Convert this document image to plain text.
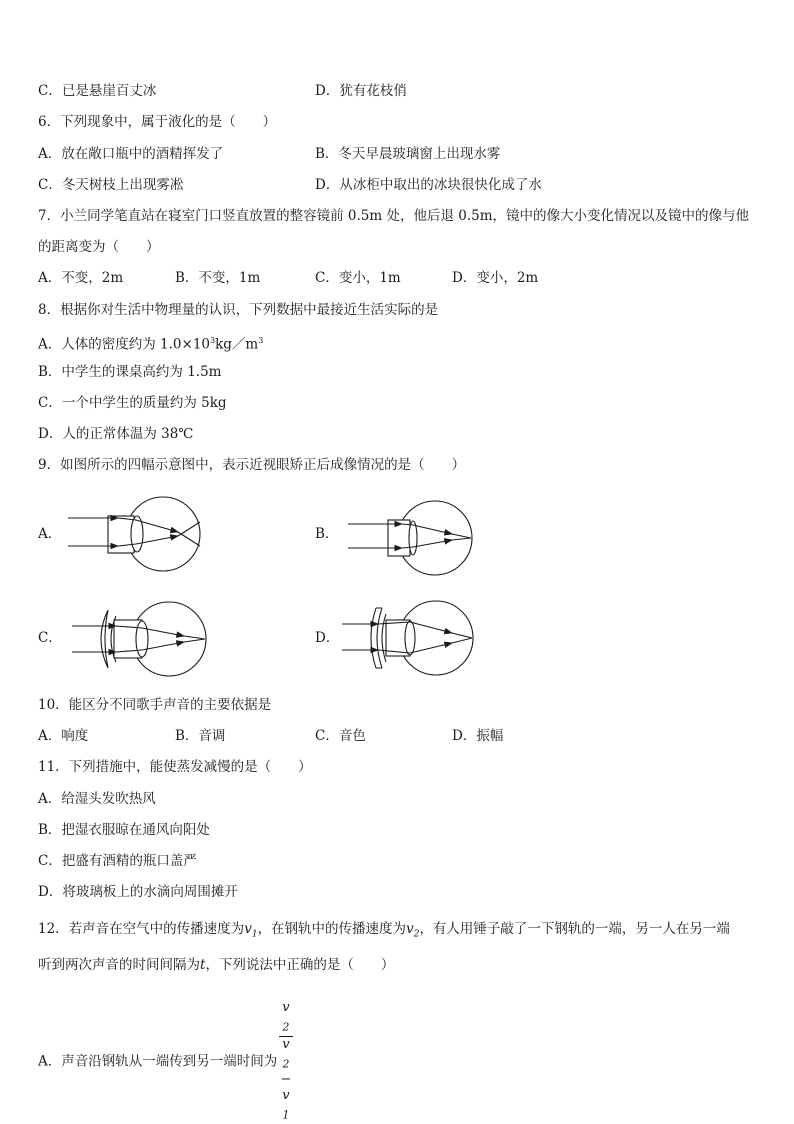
C．已是悬崖百丈冰	D．犹有花枝俏
6．下列现象中，属于液化的是（　　）
A．放在敞口瓶中的酒精挥发了	B．冬天早晨玻璃窗上出现水雾
C．冬天树枝上出现雾凇	D．从冰柜中取出的冰块很快化成了水
7．小兰同学笔直站在寝室门口竖直放置的整容镜前 0.5m 处，他后退 0.5m，镜中的像大小变化情况以及镜中的像与他
的距离变为（　　）
A．不变，2m	B．不变，1m	C．变小，1m	D．变小，2m
8．根据你对生活中物理量的认识，下列数据中最接近生活实际的是
A．人体的密度约为 $1.0\times 10^3kg/m^3$
B．中学生的课桌高约为 1.5m
C．一个中学生的质量约为 5kg
D．人的正常体温为 38℃
9．如图所示的四幅示意图中，表示近视眼矫正后成像情况的是（　　）
A．	B．
C．	D．
10．能区分不同歌手声音的主要依据是
A．响度	B．音调	C．音色	D．振幅
11．下列措施中，能使蒸发减慢的是（　　）
A．给湿头发吹热风
B．把湿衣服晾在通风向阳处
C．把盛有酒精的瓶口盖严
D．将玻璃板上的水滴向周围摊开
12．若声音在空气中的传播速度为$v_1$，在钢轨中的传播速度为$v_2$，有人用锤子敲了一下钢轨的一端，另一人在另一端
听到两次声音的时间间隔为t，下列说法中正确的是（　　）
A．声音沿钢轨从一端传到另一端时间为 v
$_2$
v
$_2$
−
v
$_1$
